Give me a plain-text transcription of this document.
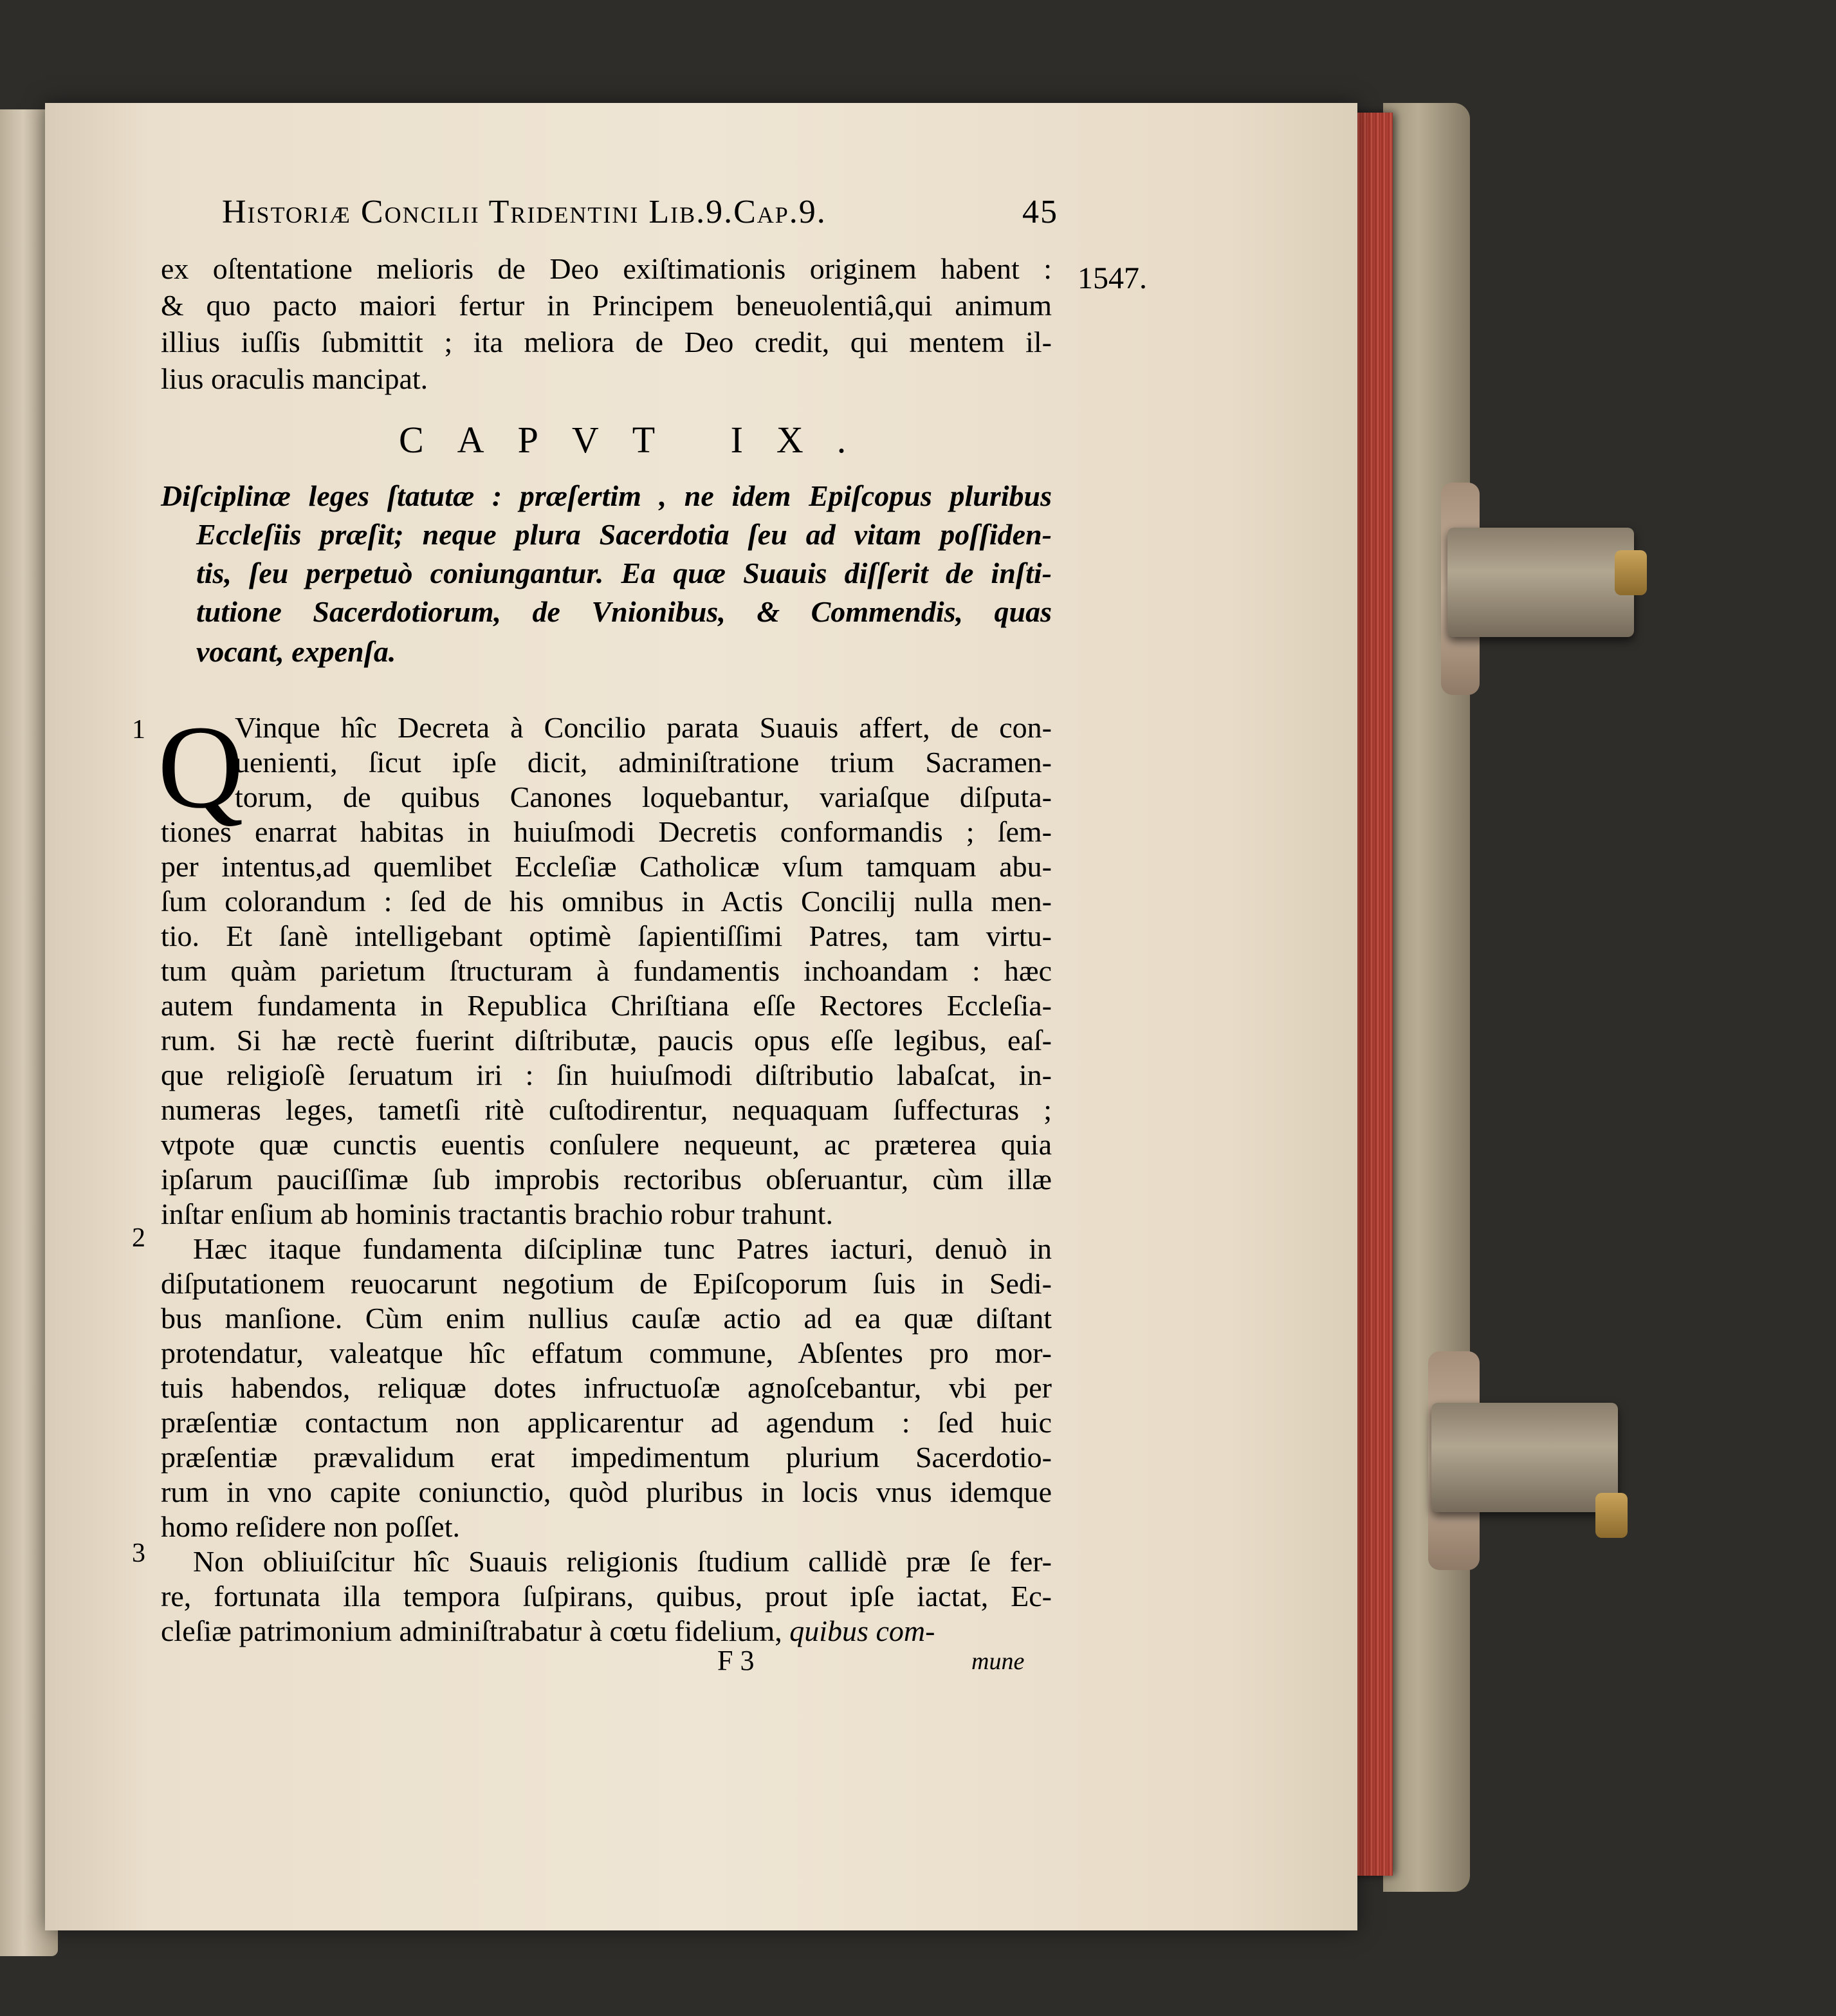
Historiæ Concilii Tridentini Lib.9.Cap.9.	45
1547.
ex oſtentatione melioris de Deo exiſtimationis originem habent :
& quo pacto maiori fertur in Principem beneuolentiâ,qui animum
illius iuſſis ſubmittit ; ita meliora de Deo credit, qui mentem il-
lius oraculis mancipat.
CAPVT IX.
Diſciplinæ leges ſtatutæ : præſertim , ne idem Epiſcopus pluribus
Eccleſiis præſit; neque plura Sacerdotia ſeu ad vitam poſſiden-
tis, ſeu perpetuò coniungantur. Ea quæ Suauis diſſerit de inſti-
tutione Sacerdotiorum, de Vnionibus, & Commendis, quas
vocant, expenſa.
1
2
3
Q
Vinque hîc Decreta à Concilio parata Suauis affert, de con-
uenienti, ſicut ipſe dicit, adminiſtratione trium Sacramen-
torum, de quibus Canones loquebantur, variaſque diſputa-
tiones enarrat habitas in huiuſmodi Decretis conformandis ; ſem-
per intentus,ad quemlibet Eccleſiæ Catholicæ vſum tamquam abu-
ſum colorandum : ſed de his omnibus in Actis Concilij nulla men-
tio. Et ſanè intelligebant optimè ſapientiſſimi Patres, tam virtu-
tum quàm parietum ſtructuram à fundamentis inchoandam : hæc
autem fundamenta in Republica Chriſtiana eſſe Rectores Eccleſia-
rum. Si hæ rectè fuerint diſtributæ, paucis opus eſſe legibus, eaſ-
que religioſè ſeruatum iri : ſin huiuſmodi diſtributio labaſcat, in-
numeras leges, tametſi ritè cuſtodirentur, nequaquam ſuffecturas ;
vtpote quæ cunctis euentis conſulere nequeunt, ac præterea quia
ipſarum pauciſſimæ ſub improbis rectoribus obſeruantur, cùm illæ
inſtar enſium ab hominis tractantis brachio robur trahunt.
Hæc itaque fundamenta diſciplinæ tunc Patres iacturi, denuò in
diſputationem reuocarunt negotium de Epiſcoporum ſuis in Sedi-
bus manſione. Cùm enim nullius cauſæ actio ad ea quæ diſtant
protendatur, valeatque hîc effatum commune, Abſentes pro mor-
tuis habendos, reliquæ dotes infructuoſæ agnoſcebantur, vbi per
præſentiæ contactum non applicarentur ad agendum : ſed huic
præſentiæ prævalidum erat impedimentum plurium Sacerdotio-
rum in vno capite coniunctio, quòd pluribus in locis vnus idemque
homo reſidere non poſſet.
Non obliuiſcitur hîc Suauis religionis ſtudium callidè præ ſe fer-
re, fortunata illa tempora ſuſpirans, quibus, prout ipſe iactat, Ec-
cleſiæ patrimonium adminiſtrabatur à cœtu fidelium, quibus com-
F 3	mune
